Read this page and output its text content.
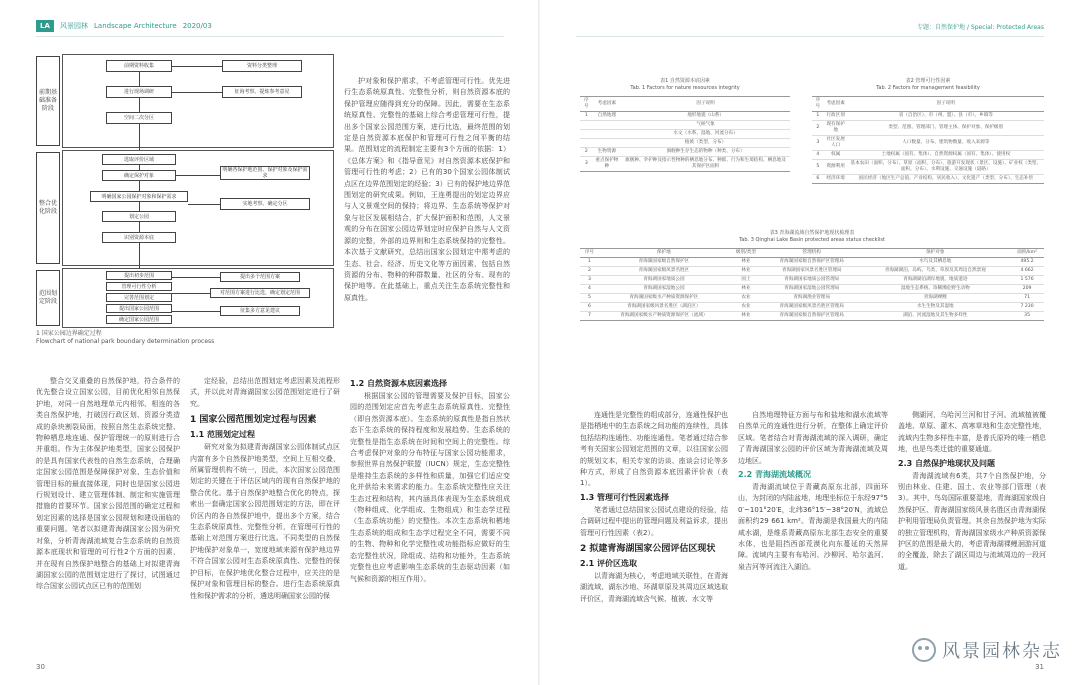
LA	风景园林 Landscape Architecture 2020/03
前期基础准备阶段
整合优化阶段
范围划定阶段
前期资料收集
进行现场调研
空间二次分区
资料分类整理
征询考察、提炼参考意见
选取评价区域
确定保护对象
明确国家公园保护对象和保护需求
划定公园
识别资源本底
明确各保护地范围、保护对象及保护需求
实地考察、确定分区
提出初步范围
管理可行性分析
完善范围划定
提出国家公园范围
确定国家公园范围
提出多个范围方案
对范围方案进行比选，确定划定范围
征集多方意见建议
1 国家公园边界确定过程
Flowchart of national park boundary determination process

护对象和保护需求，不考虑管理可行性。优先进行生态系统原真性、完整性分析，则自然资源本底的保护管理应随得到充分的保障。因此，需要在生态系统原真性、完整性的基础上综合考虑管理可行性，提出多个国家公园范围方案，进行比选，最终范围的划定是自然资源本底保护和管理可行性之间平衡的结果。范围划定的流程制定主要有3个方面的依据：1）《总体方案》和《指导意见》对自然资源本底保护和管理可行性的考虑；2）已有的30个国家公园体制试点区在边界范围划定的经验；3）已有的保护地边界范围划定的研究成果。例如，王连勇提出的划定边界应与人文景观空间的保持；将边界、生态系统等保护对象与社区发展相结合，扩大保护面积和范围，人文景观的分布在国家公园边界划定时应保护自然与人文资源的完整，外部的边界则和生态系统保持的完整性。本次基于文献研究，总结出国家公园划定中需考虑的生态、社会、经济、历史文化等方面因素，包括自然资源的分布、物种的种群数量、社区的分布、现有的保护地等。在此基础上，重点关注生态系统完整性和原真性。

整合交叉重叠的自然保护地，符合条件的优先整合设立国家公园，目前优化相邻自然保护地，对同一自然地理单元内相邻、相连的各类自然保护地，打破因行政区划、资源分类造成的条块割裂局面，按照自然生态系统完整、物种栖息地连通、保护管理统一的原则进行合并重组。作为主体保护地类型，国家公园保护的是具有国家代表性的自然生态系统，合理确定国家公园范围是保障保护对象、生态价值和管理目标的最直接体现，同时也是国家公园进行规划设计、建立管理体制、制定和实施管理措施的首要环节。国家公园范围的确定过程和划定因素的选择是国家公园规划和建设面临的重要问题。笔者以拟建青海湖国家公园为研究对象，分析青海湖流域复合生态系统的自然资源本底现状和管理的可行性2个方面的因素，并在现有自然保护地整合的基础上对拟建青海湖国家公园的范围划定进行了探讨，试图通过综合国家公园试点区已有的范围划

定经验，总结出范围划定考虑因素及流程形式，并以此对青海湖国家公园范围划定进行了研究。

1 国家公园范围划定过程与因素
1.1 范围划定过程

研究对象为拟建青海湖国家公园体制试点区内富有多个自然保护地类型，空间上互相交叠，所属管理机构不统一，因此，本次国家公园范围划定的关键在于评估区域内的现有自然保护地的整合优化。基于自然保护地整合优化的特点，探索出一套确定国家公园范围划定的方法，即在评价区内的各自然保护地中，提出多个方案，结合生态系统原真性、完整性分析，在管理可行性的基础上对范围方案进行比选。不同类型的自然保护地保护对象单一，宽度地域来源有保护地边界不符合国家公园对生态系统原真性、完整性的保护目标，在保护地优化整合过程中，应关注的是保护对象和管理目标的整合。进行生态系统原真性和保护需求的分析，遴选明确国家公园的保

1.2 自然资源本底因素选择

根据国家公园的管理需要及保护目标，国家公园的范围划定应首先考虑生态系统原真性、完整性（即自然资源本底）。生态系统的原真性是指自然状态下生态系统的保持程度和发展趋势。生态系统的完整性是指生态系统在时间和空间上的完整性。综合考虑保护对象的分布特征与国家公园功能需求，参照世界自然保护联盟（IUCN）规定，生态完整性是维持生态系统的多样性和质量，加强它们适应变化并供给未来需求的能力。生态系统完整性应关注生态过程和结构，其内涵具体表现为生态系统组成（物种组成、化学组成、生物组成）和生态学过程（生态系统功能）的完整性。本次生态系统和栖地生态系统的组成和生态学过程完全不同，需要不同的生物、物种和化学完整性或功能指标应做好的生态完整性状况，除组成、结构和功能外，生态系统完整性也应考虑影响生态系统的生态驱动因素（如气候和资源的相互作用）。

30
专题：自然保护地 / Special: Protected Areas
表1 自然资源本底因素
Tab. 1 Factors for nature resources integrity
序号	考虑因素	因子说明
1	自然地理	地形地貌（山系）
		气候气象
		水文（水系、湿地、河流分布）
		植被（类型、分布）
2	生物资源	旗舰种生存生态的物种（种类、分布）
3	重点保护物种	旗舰种、伞护种及指示性物种的栖息地分布、种群、行为和生境结构、栖息地及其保护区面积
表2 管理可行性因素
Tab. 2 Factors for management feasibility
序号	考虑因素	因子说明
1	行政区划	省（自治区）、市（州、盟）、县（市）、乡镇等
2	现有保护地	类型、范围、管理部门、管理主体、保护对象、保护级别
3	社区发展人口	人口数量、分布、建筑物数量、收入来源等
4	权属	土地权属（国有、集体）、自然资源权属（国有、集体）、使用权
5	资源利用	基本农田（面积、分布）、草原（面积、分布）、旅游开发现状（景区、设施）、矿业权（类型、面积、分布）、水利设施、交通设施（道路）
6	经济环境	国民经济（地区生产总值、产业结构、居民收入）、文化遗产（类型、分布）、生态补偿
表3 青海湖流域自然保护地现状梳理表
Tab. 3 Qinghai Lake Basin protected areas status checklist
序号	保护地	级别/类型	管理机构	保护对象	面积/km²
1	青海湖国家级自然保护区	林业	青海湖国家级自然保护区管理局	水鸟及其栖息地	495.2
2	青海湖国家级风景名胜区	林业	青海湖国家风景名胜区管理局	青海湖湖泊、岛屿、鸟类、草原及其周边自然景观	4 662
3	青海湖国家地质公园	国土	青海湖国家地质公园管理局	青海湖湖泊湖岸地貌、地质遗迹	1 576
4	青海湖国家湿地公园	林业	青海湖国家湿地公园管理局	湿地生态系统、珍稀濒危野生动物	209
5	青海湖国家级水产种质资源保护区	农业	青海湖渔业管理局	青海湖裸鲤	71
6	青海湖国家级风景名胜区（湖泊区）	农业	青海湖国家级风景名胜区管理局	水生生物及其湿地	7 230
7	青海湖国家级水产种质资源保护区（流域）	林业	青海湖国家级自然保护区管理局	湖泊、河流湿地及其生物多样性	35

连通性是完整性的组成部分，连通性保护也是指栖地中的生态系统之间功能的连续性，具体包括结构连通性、功能连通性。笔者通过结合参考有关国家公园划定范围的文章，以往国家公园的规划文本，相关专家的访谈、座谈会讨论等多种方式，形成了自然资源本底因素评价表（表1）。

1.3 管理可行性因素选择

笔者通过总结国家公园试点建设的经验，结合调研过程中提出的管理问题及利益诉求，提出管理可行性因素（表2）。

2 拟建青海湖国家公园评估区现状
2.1 评价区选取

以青海湖为核心，考虑地域关联性、在青海湖流域、湖东沙地、环湖草原及其周边区域选取评价区，青海湖流域含气候、植被、水文等

自然地理特征方面与布和盐地和湖水流域等自然单元的连通性进行分析，在整体上确定评价区域。笔者结合对青海湖流域的深入调研，确定了青海湖国家公园的评价区域为青海湖流域及周边地区。

2.2 青海湖流域概况

青海湖流域位于青藏高原东北部，四面环山，为封闭的内陆盆地，地理坐标位于东经97°50′~101°20′E，北纬36°15′~38°20′N，流域总面积约29 661 km²。青海湖是我国最大的内陆咸水湖，是维系青藏高原东北部生态安全的重要水体，也是阻挡西部荒漠化向东蔓延的天然屏障。流域内主要有布哈河、沙柳河、哈尔盖河、泉吉河等河流注入湖泊。

侧湖河，乌哈河兰河和甘子河。流域植被覆盖地、草原、灌木、高寒草地和生态完整性地，流域内生物多样性丰富，是普氏原羚的唯一栖息地，也是鸟类迁徙的重要通道。

2.3 自然保护地现状及问题

青海湖流域有6类，共7个自然保护地，分别由林业、住建、国土、农业等部门管理（表3）。其中，鸟岛国际重要湿地，青海湖国家级自然保护区、青海湖国家级风景名胜区由青海湖保护利用管理局负责管理。其余自然保护地为实际的独立管理机构，青海湖国家级水产种质资源保护区的范围是最大的，考虑青海湖裸鲤洄游河道的全覆盖，除去了湖区周边与流域周边的一段河道。

风景园林杂志
31
